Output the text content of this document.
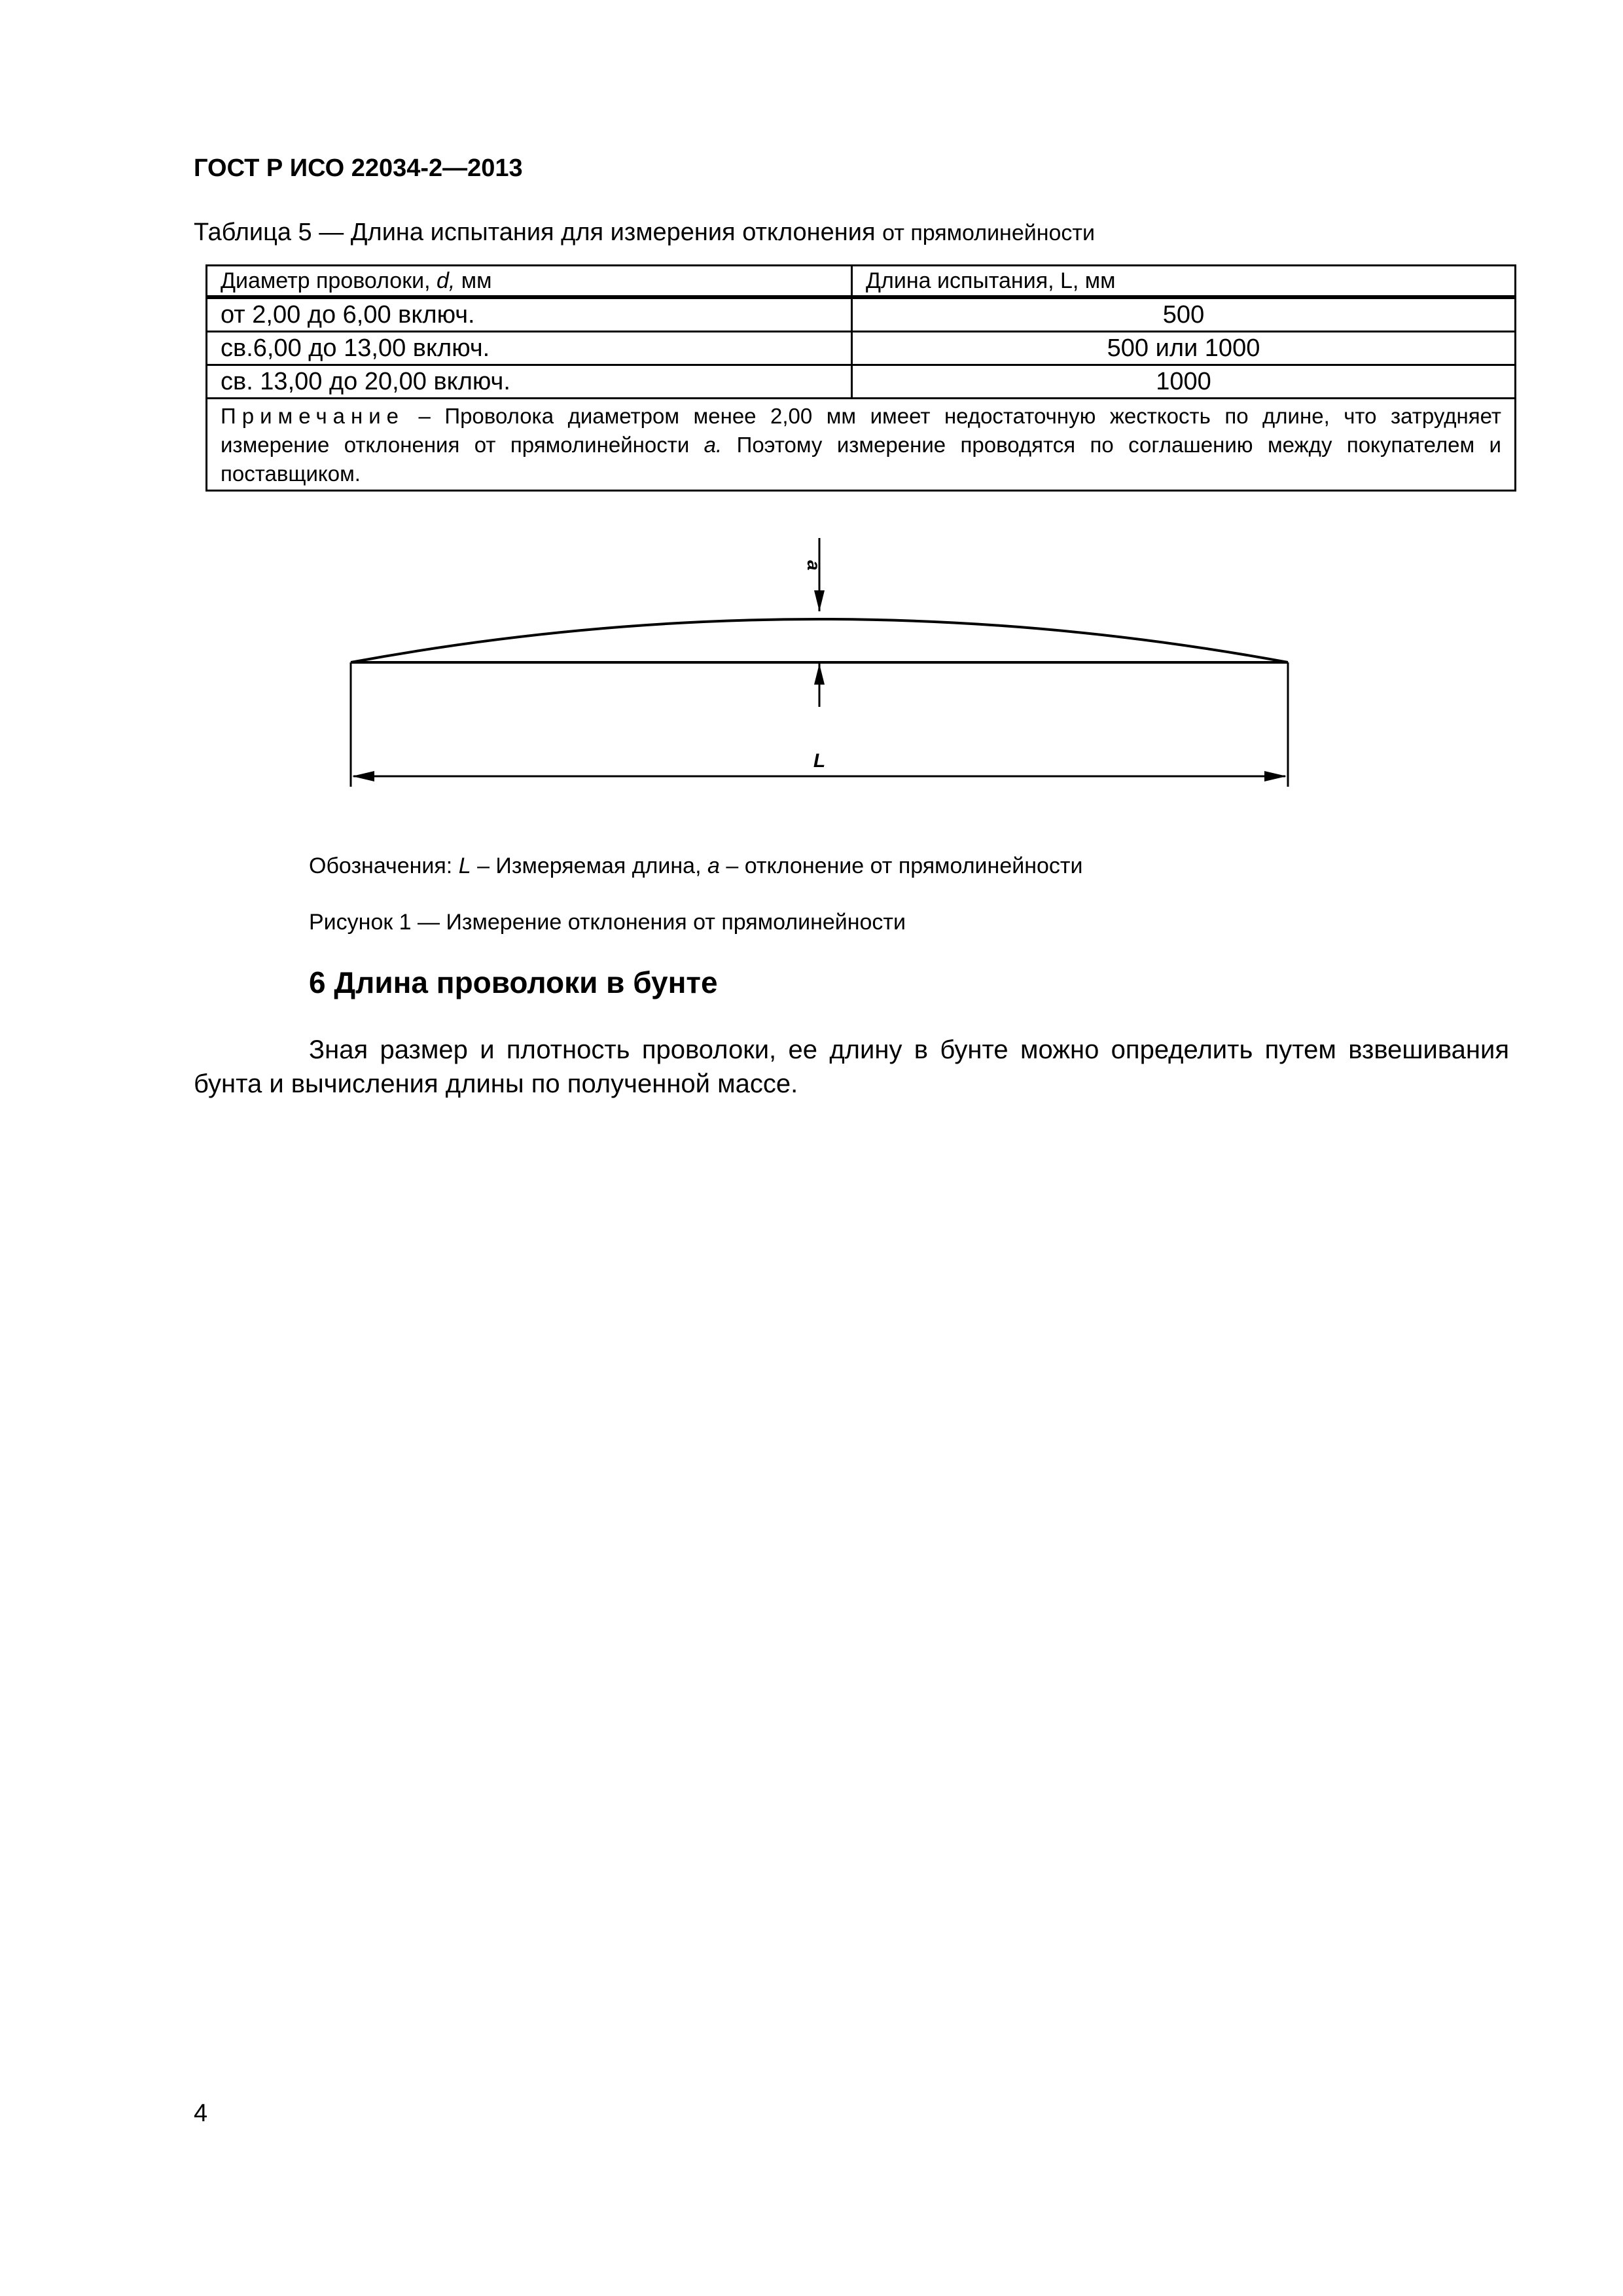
ГОСТ Р ИСО 22034-2—2013
Таблица 5 — Длина испытания для измерения отклонения от прямолинейности
Диаметр проволоки, d, мм	Длина испытания, L, мм
от 2,00 до 6,00 включ.	500
св.6,00 до 13,00 включ.	500 или 1000
св. 13,00 до 20,00 включ.	1000
Примечание – Проволока диаметром менее 2,00 мм имеет недостаточную жесткость по длине, что затрудняет измерение отклонения от прямолинейности a. Поэтому измерение проводятся по соглашению между покупателем и поставщиком.	
a
L
Обозначения: L – Измеряемая длина, a – отклонение от прямолинейности
Рисунок 1 — Измерение отклонения от прямолинейности
6 Длина проволоки в бунте

Зная размер и плотность проволоки, ее длину в бунте можно определить путем взвешивания бунта и вычисления длины по полученной массе.

4
